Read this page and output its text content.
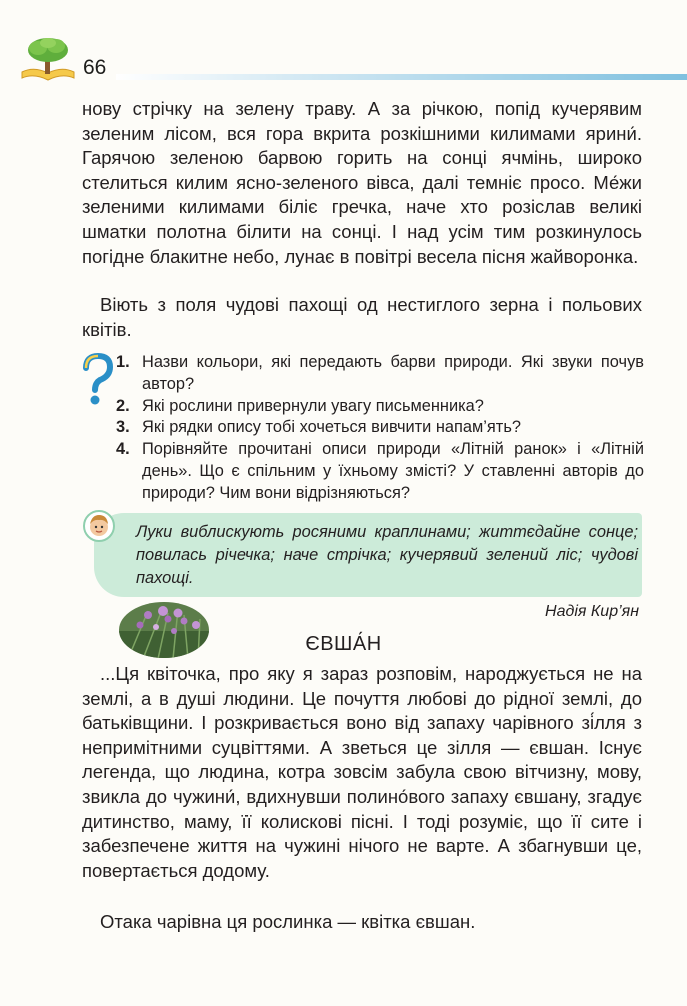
66
нову стрічку на зелену траву. А за річкою, попід кучерявим зеленим лісом, вся гора вкрита розкішними килимами ярини́. Гарячою зеленою барвою горить на сонці ячмінь, широко стелиться килим ясно-зеленого вівса, далі темніє просо. Ме́жи зеленими килимами біліє гречка, наче хто розіслав великі шматки полотна білити на сонці. І над усім тим розкинулось погідне блакитне небо, лунає в повітрі весела пісня жайворонка.
Віють з поля чудові пахощі од нестиглого зерна і польових квітів.
1. Назви кольори, які передають барви природи. Які звуки почув автор?
2. Які рослини привернули увагу письменника?
3. Які рядки опису тобі хочеться вивчити напам’ять?
4. Порівняйте прочитані описи природи «Літній ранок» і «Літній день». Що є спільним у їхньому змісті? У ставленні авторів до природи? Чим вони відрізняються?
Луки виблискують росяними краплинами; життєдайне сонце; повилась річечка; наче стрічка; кучерявий зелений ліс; чудові пахощі.
Надія Кир’ян
ЄВША́Н
...Ця квіточка, про яку я зараз розповім, народжується не на землі, а в душі людини. Це почуття любові до рідної землі, до батьківщини. І розкривається воно від запаху чарівного зі́лля з непримітними суцвіттями. А зветься це зілля — євшан. Існує легенда, що людина, котра зовсім забула свою вітчизну, мову, звикла до чужини́, вдихнувши полино́вого запаху євшану, згадує дитинство, маму, її колискові пісні. І тоді розуміє, що її сите і забезпечене життя на чужині нічого не варте. А збагнувши це, повертається додому.
Отака чарівна ця рослинка — квітка євшан.
